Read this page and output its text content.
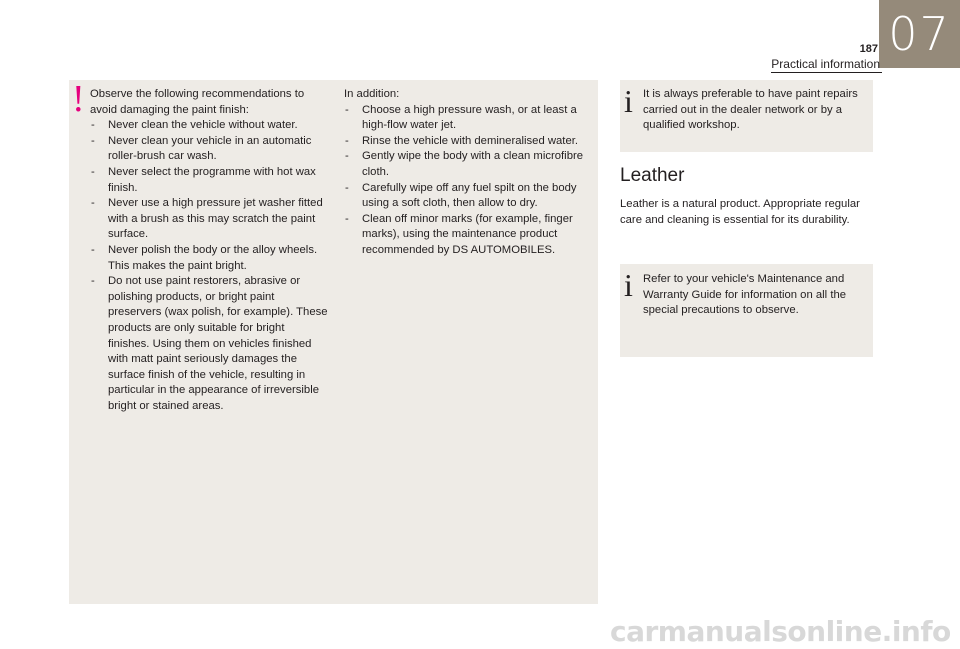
07
187
Practical information
! Observe the following recommendations to avoid damaging the paint finish:

- Never clean the vehicle without water.
- Never clean your vehicle in an automatic roller-brush car wash.
- Never select the programme with hot wax finish.
- Never use a high pressure jet washer fitted with a brush as this may scratch the paint surface.
- Never polish the body or the alloy wheels. This makes the paint bright.
- Do not use paint restorers, abrasive or polishing products, or bright paint preservers (wax polish, for example). These products are only suitable for bright finishes. Using them on vehicles finished with matt paint seriously damages the surface finish of the vehicle, resulting in particular in the appearance of irreversible bright or stained areas.

In addition:

- Choose a high pressure wash, or at least a high-flow water jet.
- Rinse the vehicle with demineralised water.
- Gently wipe the body with a clean microfibre cloth.
- Carefully wipe off any fuel spilt on the body using a soft cloth, then allow to dry.
- Clean off minor marks (for example, finger marks), using the maintenance product recommended by DS AUTOMOBILES.
i It is always preferable to have paint repairs carried out in the dealer network or by a qualified workshop.
Leather
Leather is a natural product. Appropriate regular care and cleaning is essential for its durability.
i Refer to your vehicle's Maintenance and Warranty Guide for information on all the special precautions to observe.
carmanualsonline.info
